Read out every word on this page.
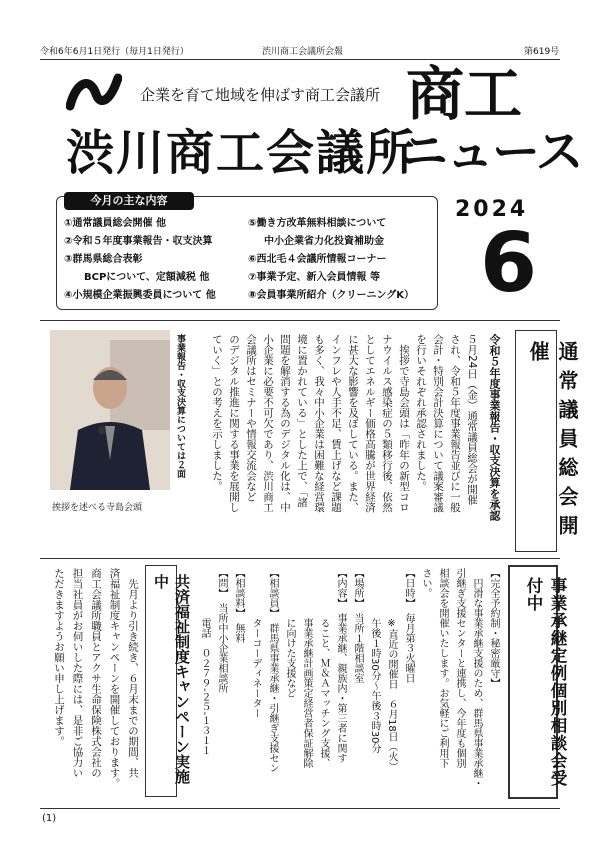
令和6年6月1日発行（毎月1日発行）	渋川商工会議所会報	第619号
企業を育て地域を伸ばす商工会議所
渋川商工会議所
商工
ニュース
2024
6
今月の主な内容
①通常議員総会開催 他
②令和５年度事業報告・収支決算
③群馬県総合表彰
BCPについて、定額減税 他
④小規模企業振興委員について 他
⑤働き方改革無料相談について
中小企業省力化投資補助金
⑥西北毛４会議所情報コーナー
⑦事業予定、新入会員情報 等
⑧会員事業所紹介（クリーニングK）
通常議員総会開催
令和５年度事業報告・収支決算を承認
５月24日（金）通常議員総会が開催
され、令和５年度事業報告並びに一般
会計・特別会計決算について議案審議
を行いそれぞれ承認されました。
　挨拶で寺島会頭は「昨年の新型コロ
ナウイルス感染症の５類移行後、依然
としてエネルギー価格高騰が世界経済
に甚大な影響を及ぼしている。また、
インフレや人手不足、賃上げなど課題
も多く、我々中小企業は困難な経営環
境に置かれている」とした上で、「諸
問題を解消する為のデジタル化は、中
小企業に必要不可欠であり、渋川商工
会議所はセミナーや情報交流会など
のデジタル推進に関する事業を展開し
ていく」との考えを示しました。
事業報告・収支決算については２面
挨拶を述べる寺島会頭
事業承継定例個別相談会受付中
【完全予約制・秘密厳守】
　円滑な事業承継支援のため、群馬県事業承継・
引継ぎ支援センターと連携し、今年度も個別
相談会を開催いたします。お気軽にご利用下
さい。
【日時】　毎月第３火曜日
　　　　　※直近の開催日　６月18日（火）
　　　　　午後１時30分～午後３時30分
【場所】　当所１階相談室
【内容】　事業承継、親族内・第三者に関す
　　　　　ること、Ｍ＆Ａマッチング支援、
　　　　　事業承継計画策定経営者保証解除
　　　　　に向けた支援など
【相談員】　群馬県事業承継・引継ぎ支援セン
　　　　　ターコーディネーター
【相談料】　無料
【問】　当所中小企業相談所
　　　　　電話　０２７９‐２５‐１３１１
共済福祉制度キャンペーン実施中
　先月より引き続き、６月末までの期間、共
済福祉制度キャンペーンを開催しております。
商工会議所職員とアクサ生命保険株式会社の
担当社員がお伺いした際には、是非ご協力い
ただきますようお願い申し上げます。
(1)
